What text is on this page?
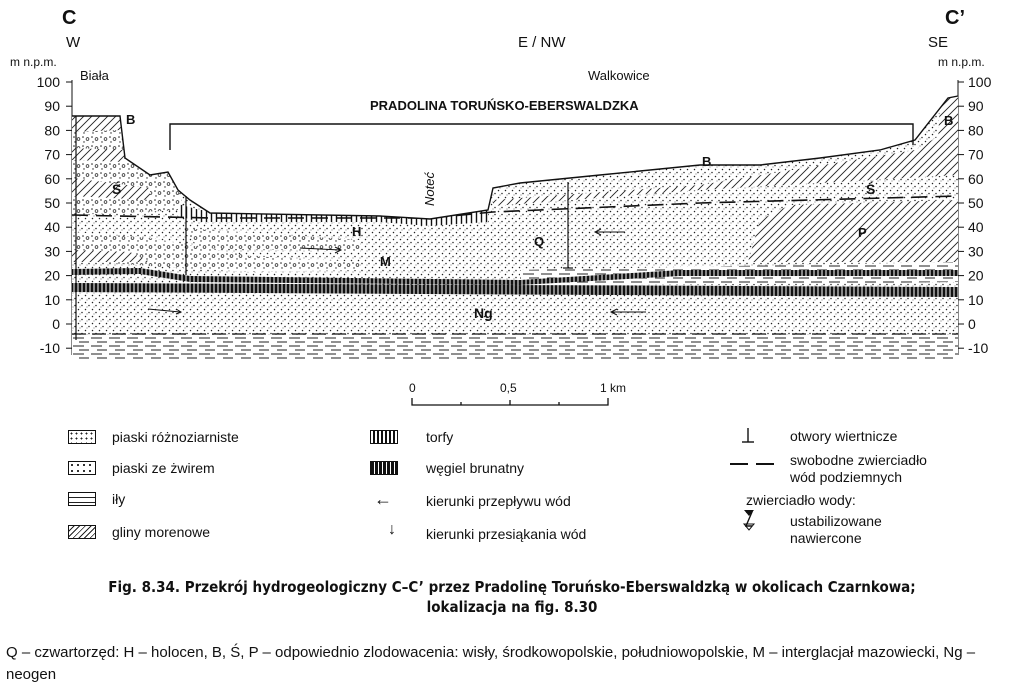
C
W	E / NW
C’
SE
m n.p.m.	m n.p.m.
Biała	Walkowice
100
90
80
70
60
50
40
30
20
10
0
-10
100
90
80
70
60
50
40
30
20
10
0
-10
PRADOLINA TORUŃSKO-EBERSWALDZKA
B
Ś
H
M
Q
Ng
B
Ś
P
B
Noteć
0	0,5	1 km
piaski różnoziarniste
piaski ze żwirem
iły
gliny morenowe
torfy
węgiel brunatny
← kierunki przepływu wód
↓ kierunki przesiąkania wód
otwory wiertnicze
swobodne zwierciadło
wód podziemnych
zwierciadło wody:
ustabilizowane
nawiercone
Fig. 8.34. Przekrój hydrogeologiczny C–C’ przez Pradolinę Toruńsko-Eberswaldzką w okolicach Czarnkowa;
lokalizacja na fig. 8.30
Q – czwartorzęd: H – holocen, B, Ś, P – odpowiednio zlodowacenia: wisły, środkowopolskie, południowopolskie, M – interglacjał mazowiecki, Ng – neogen
